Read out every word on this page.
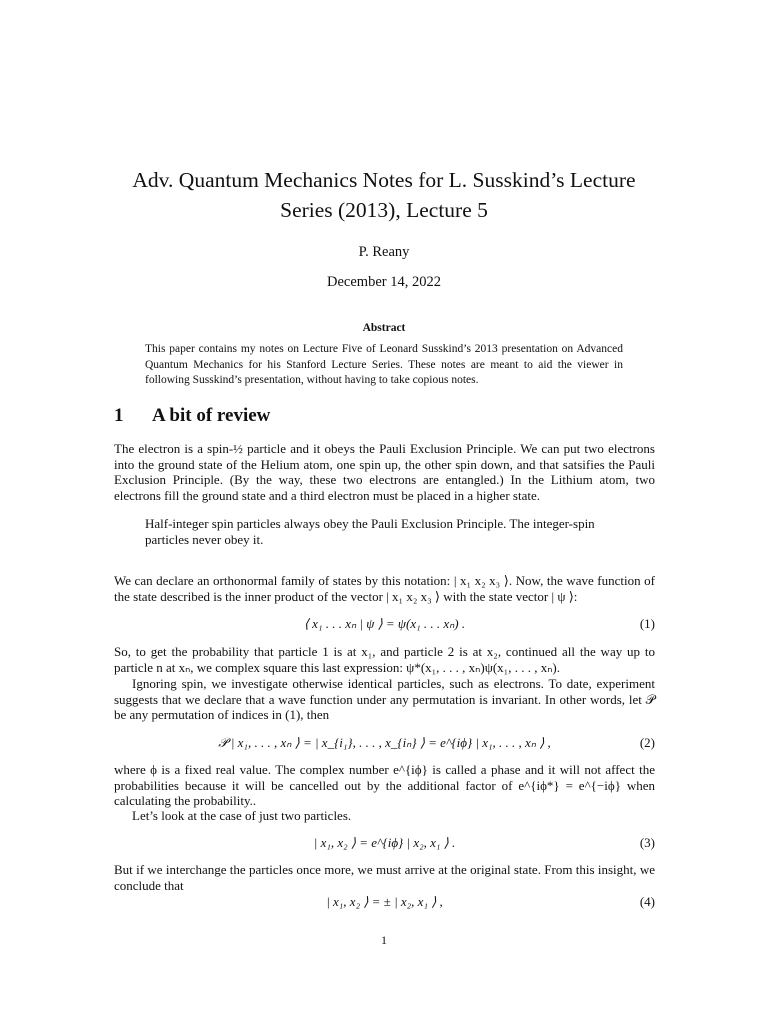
Adv. Quantum Mechanics Notes for L. Susskind’s Lecture
Series (2013), Lecture 5
P. Reany
December 14, 2022
Abstract
This paper contains my notes on Lecture Five of Leonard Susskind’s 2013 presentation on Advanced Quantum Mechanics for his Stanford Lecture Series. These notes are meant to aid the viewer in following Susskind’s presentation, without having to take copious notes.
1 A bit of review
The electron is a spin-½ particle and it obeys the Pauli Exclusion Principle. We can put two electrons into the ground state of the Helium atom, one spin up, the other spin down, and that satsifies the Pauli Exclusion Principle. (By the way, these two electrons are entangled.) In the Lithium atom, two electrons fill the ground state and a third electron must be placed in a higher state.
Half-integer spin particles always obey the Pauli Exclusion Principle. The integer-spin particles never obey it.
We can declare an orthonormal family of states by this notation: | x₁ x₂ x₃ ⟩. Now, the wave function of the state described is the inner product of the vector | x₁ x₂ x₃ ⟩ with the state vector | ψ ⟩:
⟨ x₁ . . . xₙ | ψ ⟩ = ψ(x₁ . . . xₙ) .	(1)
So, to get the probability that particle 1 is at x₁, and particle 2 is at x₂, continued all the way up to particle n at xₙ, we complex square this last expression: ψ*(x₁, . . . , xₙ)ψ(x₁, . . . , xₙ).
Ignoring spin, we investigate otherwise identical particles, such as electrons. To date, experiment suggests that we declare that a wave function under any permutation is invariant. In other words, let 𝒫 be any permutation of indices in (1), then
𝒫 | x₁, . . . , xₙ ⟩ = | x_{i₁}, . . . , x_{iₙ} ⟩ = e^{iϕ} | x₁, . . . , xₙ ⟩ ,	(2)
where ϕ is a fixed real value. The complex number e^{iϕ} is called a phase and it will not affect the probabilities because it will be cancelled out by the additional factor of e^{iϕ*} = e^{−iϕ} when calculating the probability..
Let’s look at the case of just two particles.
| x₁, x₂ ⟩ = e^{iϕ} | x₂, x₁ ⟩ .	(3)
But if we interchange the particles once more, we must arrive at the original state. From this insight, we conclude that
| x₁, x₂ ⟩ = ± | x₂, x₁ ⟩ ,	(4)
1
